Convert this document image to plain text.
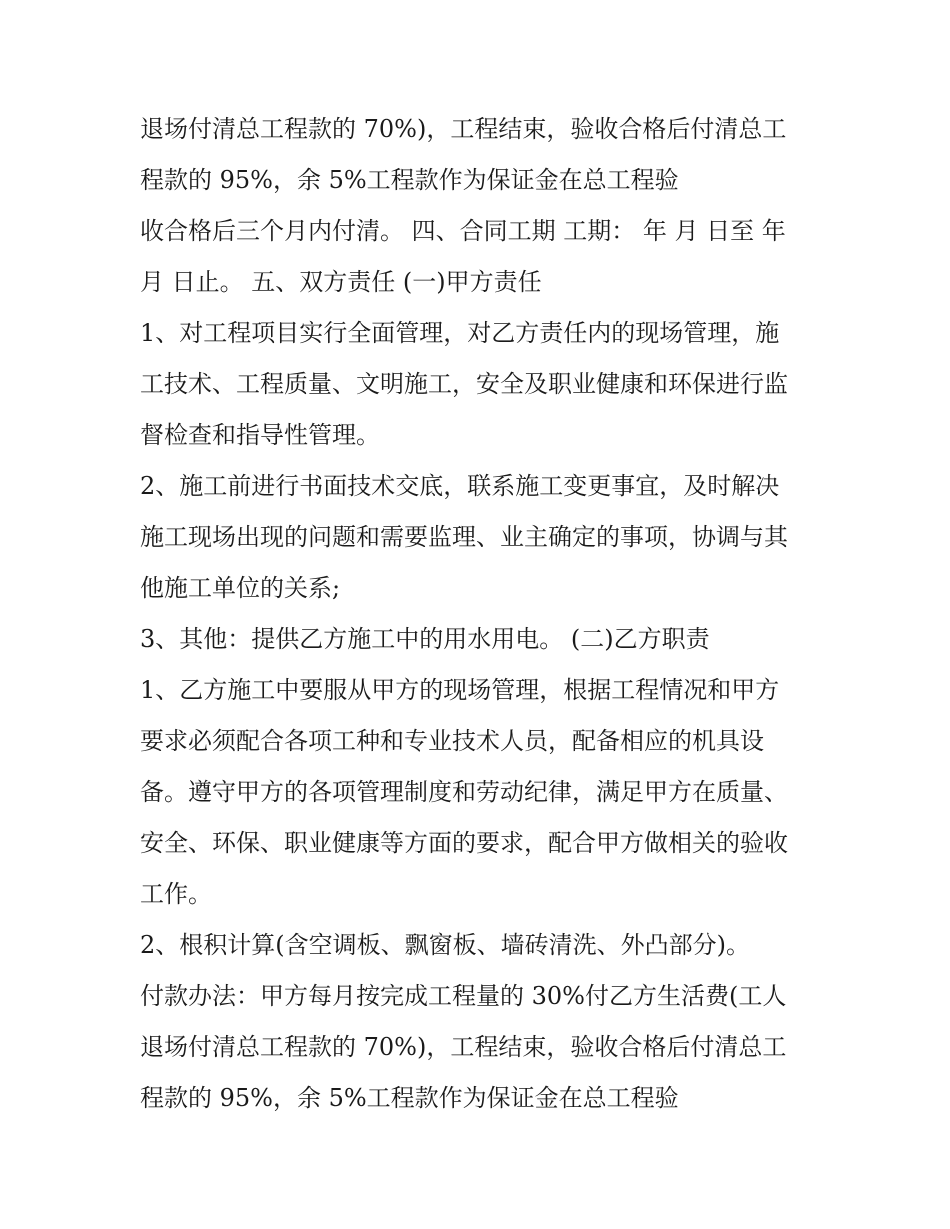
退场付清总工程款的 70%)，工程结束，验收合格后付清总工
程款的 95%，余 5%工程款作为保证金在总工程验
收合格后三个月内付清。 四、合同工期 工期： 年 月 日至 年
月 日止。 五、双方责任 (一)甲方责任
1、对工程项目实行全面管理，对乙方责任内的现场管理，施
工技术、工程质量、文明施工，安全及职业健康和环保进行监
督检查和指导性管理。
2、施工前进行书面技术交底，联系施工变更事宜，及时解决
施工现场出现的问题和需要监理、业主确定的事项，协调与其
他施工单位的关系;
3、其他：提供乙方施工中的用水用电。 (二)乙方职责
1、乙方施工中要服从甲方的现场管理，根据工程情况和甲方
要求必须配合各项工种和专业技术人员，配备相应的机具设
备。遵守甲方的各项管理制度和劳动纪律，满足甲方在质量、
安全、环保、职业健康等方面的要求，配合甲方做相关的验收
工作。
2、根积计算(含空调板、飘窗板、墙砖清洗、外凸部分)。
付款办法：甲方每月按完成工程量的 30%付乙方生活费(工人
退场付清总工程款的 70%)，工程结束，验收合格后付清总工
程款的 95%，余 5%工程款作为保证金在总工程验
